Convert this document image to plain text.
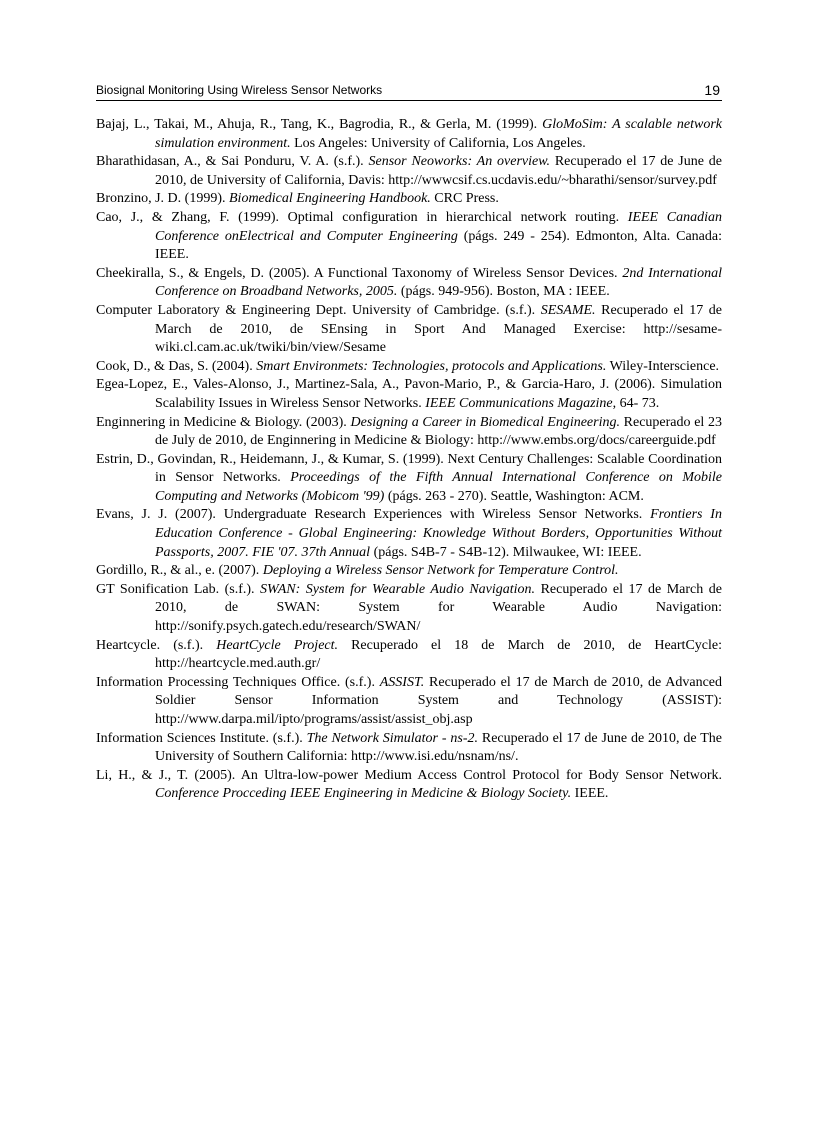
Biosignal Monitoring Using Wireless Sensor Networks	19

Bajaj, L., Takai, M., Ahuja, R., Tang, K., Bagrodia, R., & Gerla, M. (1999). GloMoSim: A scalable network simulation environment. Los Angeles: University of California, Los Angeles.

Bharathidasan, A., & Sai Ponduru, V. A. (s.f.). Sensor Neoworks: An overview. Recuperado el 17 de June de 2010, de University of California, Davis: http://wwwcsif.cs.ucdavis.edu/~bharathi/sensor/survey.pdf

Bronzino, J. D. (1999). Biomedical Engineering Handbook. CRC Press.

Cao, J., & Zhang, F. (1999). Optimal configuration in hierarchical network routing. IEEE Canadian Conference onElectrical and Computer Engineering (págs. 249 - 254). Edmonton, Alta. Canada: IEEE.

Cheekiralla, S., & Engels, D. (2005). A Functional Taxonomy of Wireless Sensor Devices. 2nd International Conference on Broadband Networks, 2005. (págs. 949-956). Boston, MA : IEEE.

Computer Laboratory & Engineering Dept. University of Cambridge. (s.f.). SESAME. Recuperado el 17 de March de 2010, de SEnsing in Sport And Managed Exercise: http://sesame-wiki.cl.cam.ac.uk/twiki/bin/view/Sesame

Cook, D., & Das, S. (2004). Smart Environmets: Technologies, protocols and Applications. Wiley-Interscience.

Egea-Lopez, E., Vales-Alonso, J., Martinez-Sala, A., Pavon-Mario, P., & Garcia-Haro, J. (2006). Simulation Scalability Issues in Wireless Sensor Networks. IEEE Communications Magazine, 64- 73.

Enginnering in Medicine & Biology. (2003). Designing a Career in Biomedical Engineering. Recuperado el 23 de July de 2010, de Enginnering in Medicine & Biology: http://www.embs.org/docs/careerguide.pdf

Estrin, D., Govindan, R., Heidemann, J., & Kumar, S. (1999). Next Century Challenges: Scalable Coordination in Sensor Networks. Proceedings of the Fifth Annual International Conference on Mobile Computing and Networks (Mobicom '99) (págs. 263 - 270). Seattle, Washington: ACM.

Evans, J. J. (2007). Undergraduate Research Experiences with Wireless Sensor Networks. Frontiers In Education Conference - Global Engineering: Knowledge Without Borders, Opportunities Without Passports, 2007. FIE '07. 37th Annual (págs. S4B-7 - S4B-12). Milwaukee, WI: IEEE.

Gordillo, R., & al., e. (2007). Deploying a Wireless Sensor Network for Temperature Control.

GT Sonification Lab. (s.f.). SWAN: System for Wearable Audio Navigation. Recuperado el 17 de March de 2010, de SWAN: System for Wearable Audio Navigation: http://sonify.psych.gatech.edu/research/SWAN/

Heartcycle. (s.f.). HeartCycle Project. Recuperado el 18 de March de 2010, de HeartCycle: http://heartcycle.med.auth.gr/

Information Processing Techniques Office. (s.f.). ASSIST. Recuperado el 17 de March de 2010, de Advanced Soldier Sensor Information System and Technology (ASSIST): http://www.darpa.mil/ipto/programs/assist/assist_obj.asp

Information Sciences Institute. (s.f.). The Network Simulator - ns-2. Recuperado el 17 de June de 2010, de The University of Southern California: http://www.isi.edu/nsnam/ns/.

Li, H., & J., T. (2005). An Ultra-low-power Medium Access Control Protocol for Body Sensor Network. Conference Procceding IEEE Engineering in Medicine & Biology Society. IEEE.
